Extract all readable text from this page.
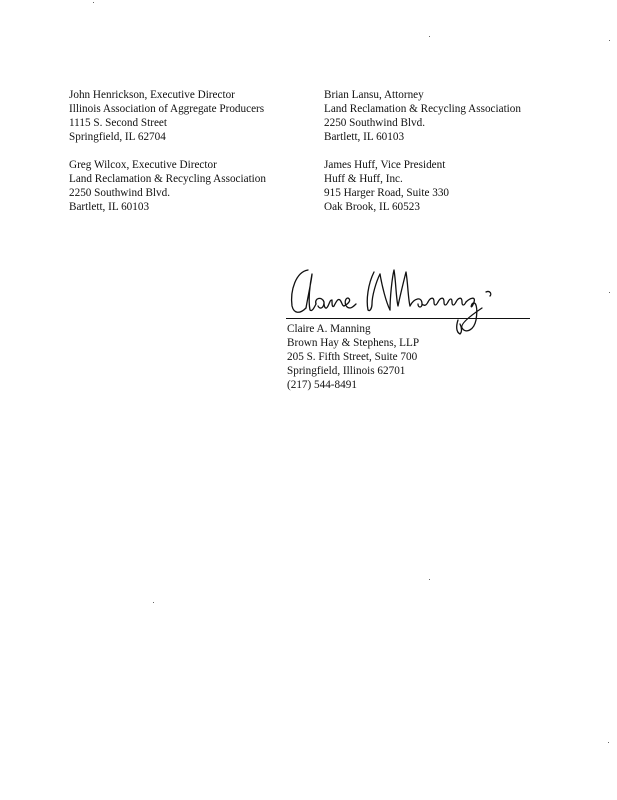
John Henrickson, Executive Director
Illinois Association of Aggregate Producers
1115 S. Second Street
Springfield, IL 62704
Brian Lansu, Attorney
Land Reclamation & Recycling Association
2250 Southwind Blvd.
Bartlett, IL 60103
Greg Wilcox, Executive Director
Land Reclamation & Recycling Association
2250 Southwind Blvd.
Bartlett, IL 60103
James Huff, Vice President
Huff & Huff, Inc.
915 Harger Road, Suite 330
Oak Brook, IL 60523
Claire A. Manning
Brown Hay & Stephens, LLP
205 S. Fifth Street, Suite 700
Springfield, Illinois 62701
(217) 544-8491
